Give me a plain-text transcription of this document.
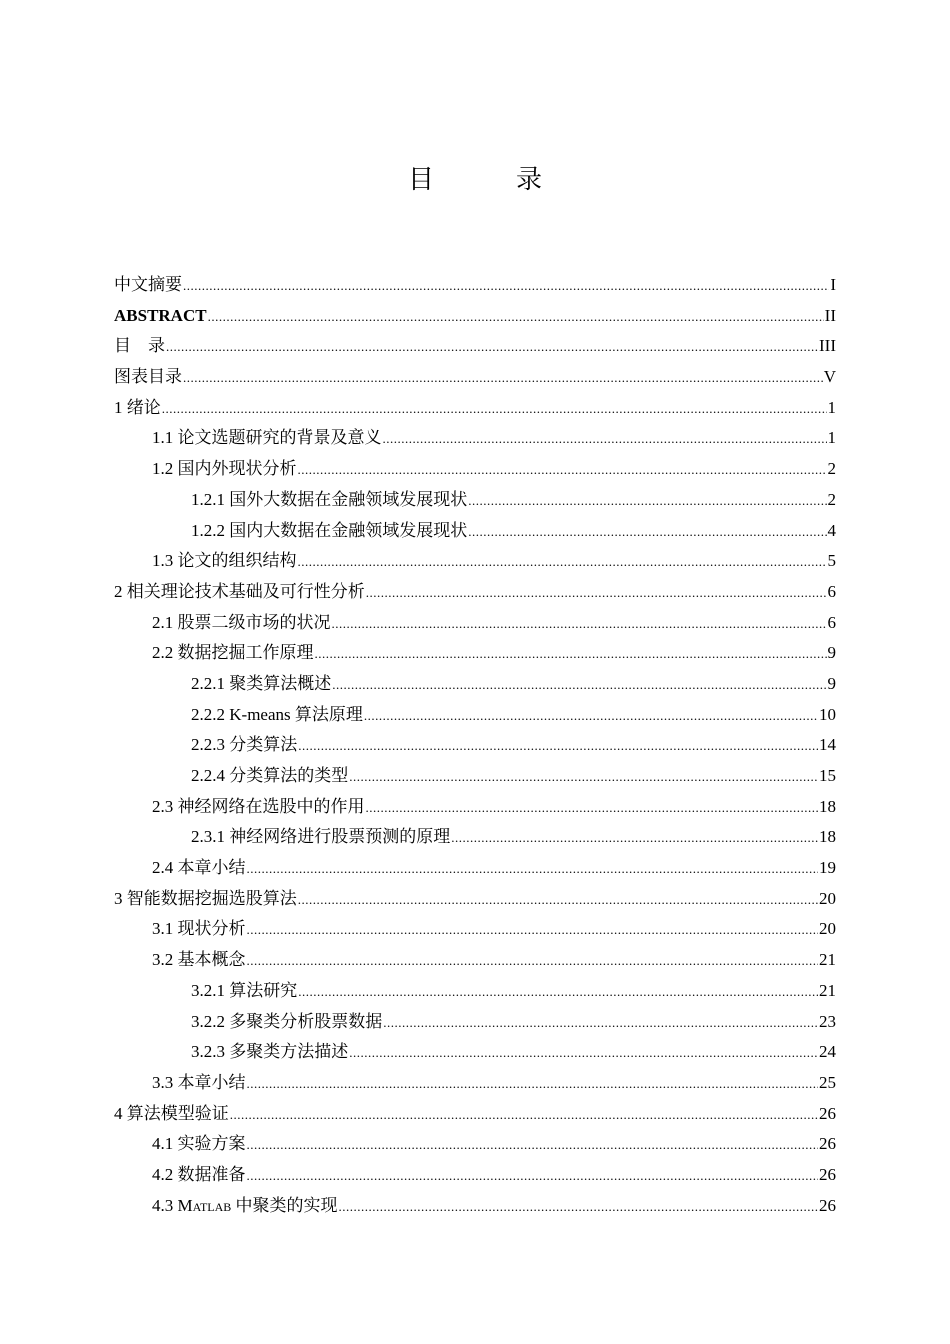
目　录
中文摘要 .....	I
ABSTRACT .....	II
目　录 .....	III
图表目录 .....	V
1 绪论 .....	1
1.1 论文选题研究的背景及意义 .....	1
1.2 国内外现状分析 .....	2
1.2.1 国外大数据在金融领域发展现状 .....	2
1.2.2 国内大数据在金融领域发展现状 .....	4
1.3 论文的组织结构 .....	5
2 相关理论技术基础及可行性分析 .....	6
2.1 股票二级市场的状况 .....	6
2.2 数据挖掘工作原理 .....	9
2.2.1 聚类算法概述 .....	9
2.2.2 K-means 算法原理 .....	10
2.2.3 分类算法 .....	14
2.2.4 分类算法的类型 .....	15
2.3 神经网络在选股中的作用 .....	18
2.3.1 神经网络进行股票预测的原理 .....	18
2.4 本章小结 .....	19
3 智能数据挖掘选股算法 .....	20
3.1 现状分析 .....	20
3.2 基本概念 .....	21
3.2.1 算法研究 .....	21
3.2.2 多聚类分析股票数据 .....	23
3.2.3 多聚类方法描述 .....	24
3.3 本章小结 .....	25
4 算法模型验证 .....	26
4.1 实验方案 .....	26
4.2 数据准备 .....	26
4.3 Matlab 中聚类的实现 .....	26
